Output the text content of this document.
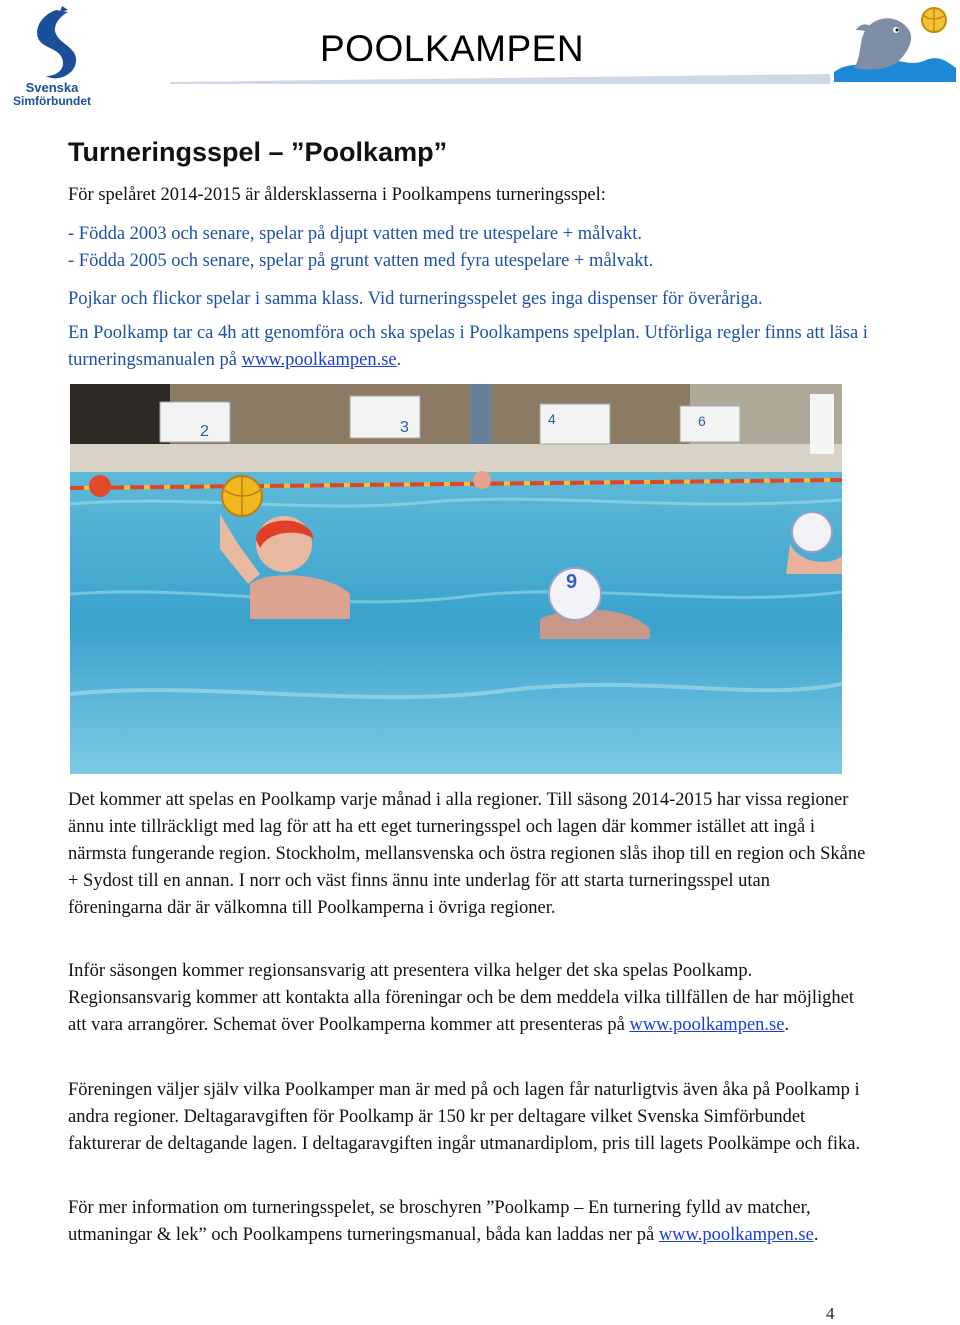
Svenska
Simförbundet
POOLKAMPEN
Turneringsspel – ”Poolkamp”

För spelåret 2014-2015 är åldersklasserna i Poolkampens turneringsspel:

- Födda 2003 och senare, spelar på djupt vatten med tre utespelare + målvakt.

- Födda 2005 och senare, spelar på grunt vatten med fyra utespelare + målvakt.

Pojkar och flickor spelar i samma klass. Vid turneringsspelet ges inga dispenser för överåriga.

En Poolkamp tar ca 4h att genomföra och ska spelas i Poolkampens spelplan. Utförliga regler finns att läsa i turneringsmanualen på www.poolkampen.se.

2	3	4	6
9

Det kommer att spelas en Poolkamp varje månad i alla regioner. Till säsong 2014-2015 har vissa regioner ännu inte tillräckligt med lag för att ha ett eget turneringsspel och lagen där kommer istället att ingå i närmsta fungerande region. Stockholm, mellansvenska och östra regionen slås ihop till en region och Skåne + Sydost till en annan. I norr och väst finns ännu inte underlag för att starta turneringsspel utan föreningarna där är välkomna till Poolkamperna i övriga regioner.

Inför säsongen kommer regionsansvarig att presentera vilka helger det ska spelas Poolkamp. Regionsansvarig kommer att kontakta alla föreningar och be dem meddela vilka tillfällen de har möjlighet att vara arrangörer. Schemat över Poolkamperna kommer att presenteras på www.poolkampen.se.

Föreningen väljer själv vilka Poolkamper man är med på och lagen får naturligtvis även åka på Poolkamp i andra regioner. Deltagaravgiften för Poolkamp är 150 kr per deltagare vilket Svenska Simförbundet fakturerar de deltagande lagen. I deltagaravgiften ingår utmanardiplom, pris till lagets Poolkämpe och fika.

För mer information om turneringsspelet, se broschyren ”Poolkamp – En turnering fylld av matcher, utmaningar & lek” och Poolkampens turneringsmanual, båda kan laddas ner på www.poolkampen.se.

4
